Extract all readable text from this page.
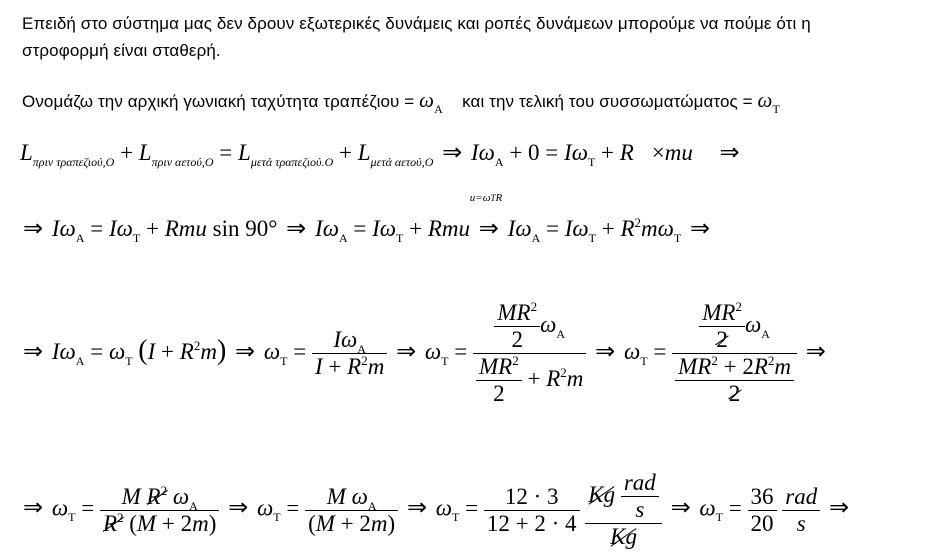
Επειδή στο σύστημα μας δεν δρουν εξωτερικές δυνάμεις και ροπές δυνάμεων μπορούμε να πούμε ότι η
στροφορμή είναι σταθερή.
Ονομάζω την αρχική γωνιακή ταχύτητα $\tau\rho\alpha\pi έ\zeta\iota o\upsilon = \omega_A$ και την τελική του $\sigma\upsilon\sigma\sigma\omega\mu\alpha\tau ώ\mu\alpha\tau o\varsigma = \omega_T$
$L_{\pi\rho\iota\nu \tau\rho\alpha\pi\varepsilon\zeta\iota oύ,O} + L_{\pi\rho\iota\nu \alpha\varepsilon\tau oύ,O} = L_{\mu\varepsilon\tau ά \tau\rho\alpha\pi\varepsilon\zeta\iota oύ.O} + L_{\mu\varepsilon\tau ά \alpha\varepsilon\tau oύ,O}$ ⇒ $I\omega_A + 0 = I\omega_T$ + R⃗×mu⃗ ⇒
⇒ $I\omega_A = I\omega_T$ + Rmu sin 90° ⇒ $I\omega_A = I\omega_T$ + Rmu
u=ωTR
⇒ $I\omega_A = I\omega_T + R^2m\omega_T$ ⇒
⇒ $I\omega_A = \omega_T$ $(I + R^2m)$ ⇒ $\omega_T = \frac{I\omega_A}{I + R^2m}$ ⇒ $\omega_T = \frac{\frac{MR^2}{2} \omega_A}{\frac{MR^2}{2} + R^2m}$ ⇒ $\omega_T = \frac{\frac{MR^2}{2} \omega_A}{\frac{MR^2 + 2R^2m}{2}}$ ⇒
⇒ $\omega_T = \frac{M R^2 \omega_A}{R^2 (M + 2m)}$ ⇒ $\omega_T = \frac{M \omega_A}{(M + 2m)}$ ⇒ $\omega_T = \frac{12 \cdot 3}{12 + 2 \cdot 4}$
$\frac{Kg \frac{\text{rad}}{s}}{Kg}$ ⇒ $\omega_T = \frac{36}{20}$
$\frac{\text{rad}}{s}$ ⇒
